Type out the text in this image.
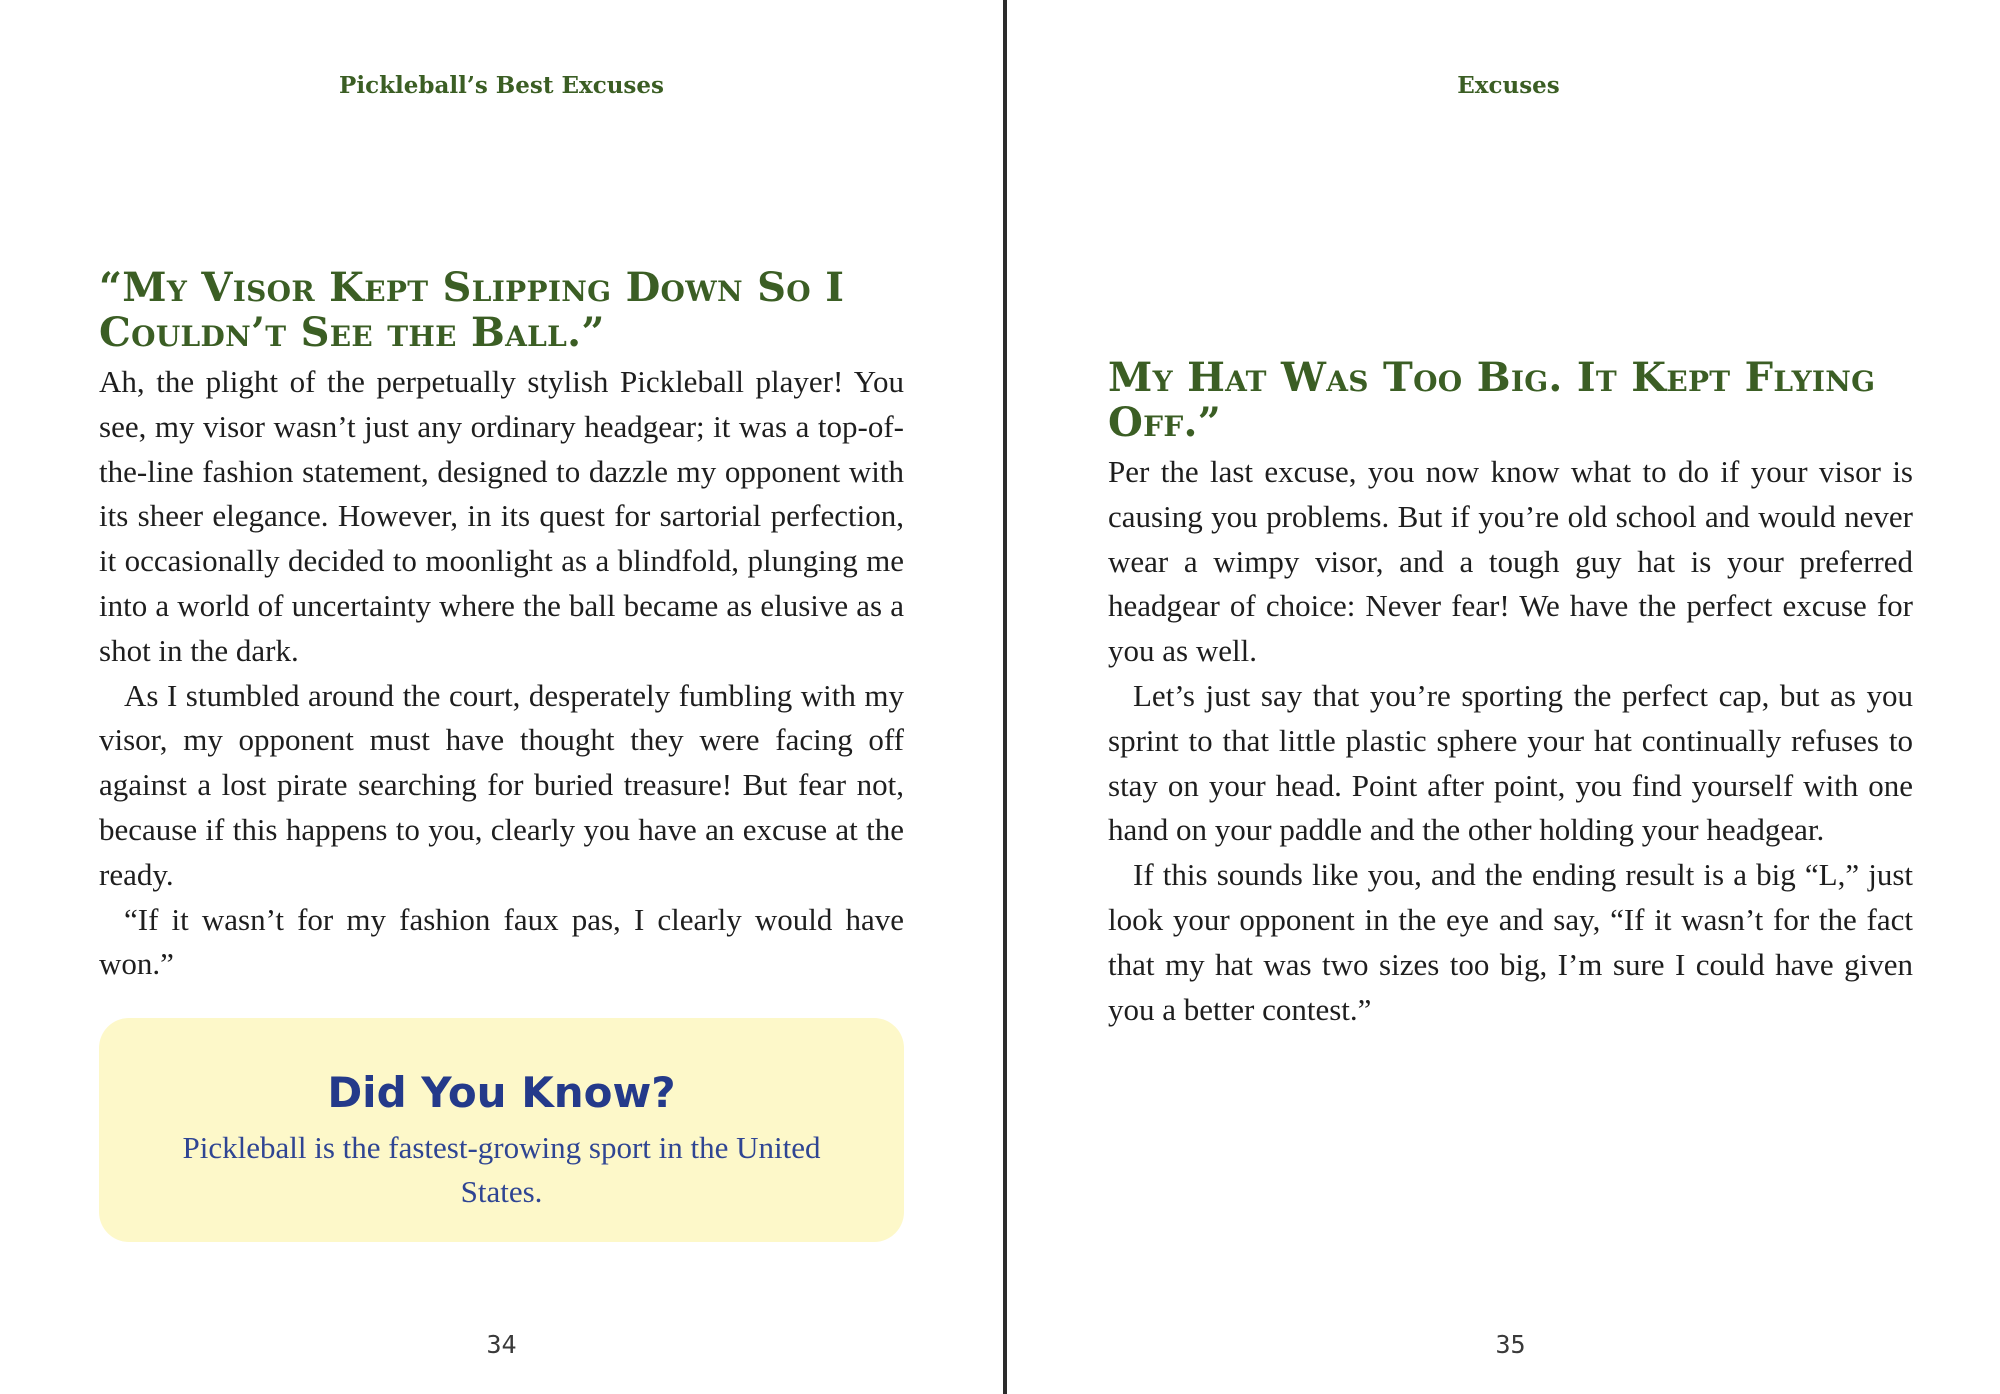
Pickleball’s Best Excuses
“My Visor Kept Slipping Down So I Couldn’t See the Ball.”

Ah, the plight of the perpetually stylish Pickleball player! You see, my visor wasn’t just any ordinary headgear; it was a top-of-the-line fashion statement, designed to dazzle my opponent with its sheer elegance. However, in its quest for sartorial perfection, it occasionally decided to moonlight as a blindfold, plunging me into a world of uncertainty where the ball became as elusive as a shot in the dark.

As I stumbled around the court, desperately fumbling with my visor, my opponent must have thought they were facing off against a lost pirate searching for buried treasure! But fear not, because if this happens to you, clearly you have an excuse at the ready.

“If it wasn’t for my fashion faux pas, I clearly would have won.”

Did You Know?
Pickleball is the fastest-growing sport in the United States.
34
Excuses
My Hat Was Too Big. It Kept Flying Off.”

Per the last excuse, you now know what to do if your visor is causing you problems. But if you’re old school and would never wear a wimpy visor, and a tough guy hat is your preferred headgear of choice: Never fear! We have the perfect excuse for you as well.

Let’s just say that you’re sporting the perfect cap, but as you sprint to that little plastic sphere your hat continually refuses to stay on your head. Point after point, you find yourself with one hand on your paddle and the other holding your headgear.

If this sounds like you, and the ending result is a big “L,” just look your opponent in the eye and say, “If it wasn’t for the fact that my hat was two sizes too big, I’m sure I could have given you a better contest.”

35
